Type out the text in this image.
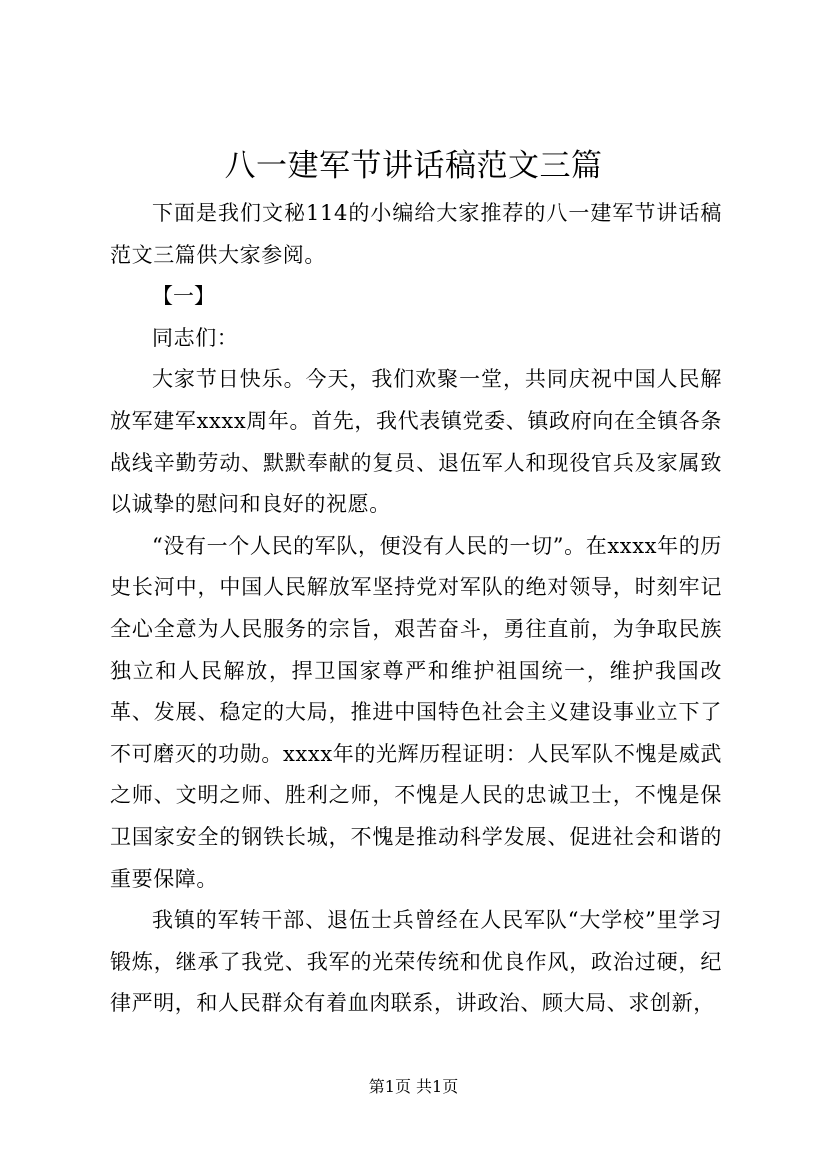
八一建军节讲话稿范文三篇

下面是我们文秘114的小编给大家推荐的八一建军节讲话稿范文三篇供大家参阅。

【一】

同志们：

大家节日快乐。今天，我们欢聚一堂，共同庆祝中国人民解放军建军xxxx周年。首先，我代表镇党委、镇政府向在全镇各条战线辛勤劳动、默默奉献的复员、退伍军人和现役官兵及家属致以诚挚的慰问和良好的祝愿。

“没有一个人民的军队，便没有人民的一切”。在xxxx年的历史长河中，中国人民解放军坚持党对军队的绝对领导，时刻牢记全心全意为人民服务的宗旨，艰苦奋斗，勇往直前，为争取民族独立和人民解放，捍卫国家尊严和维护祖国统一，维护我国改革、发展、稳定的大局，推进中国特色社会主义建设事业立下了不可磨灭的功勋。xxxx年的光辉历程证明：人民军队不愧是威武之师、文明之师、胜利之师，不愧是人民的忠诚卫士，不愧是保卫国家安全的钢铁长城，不愧是推动科学发展、促进社会和谐的重要保障。

我镇的军转干部、退伍士兵曾经在人民军队“大学校”里学习锻炼，继承了我党、我军的光荣传统和优良作风，政治过硬，纪律严明，和人民群众有着血肉联系，讲政治、顾大局、求创新，

第1页 共1页
